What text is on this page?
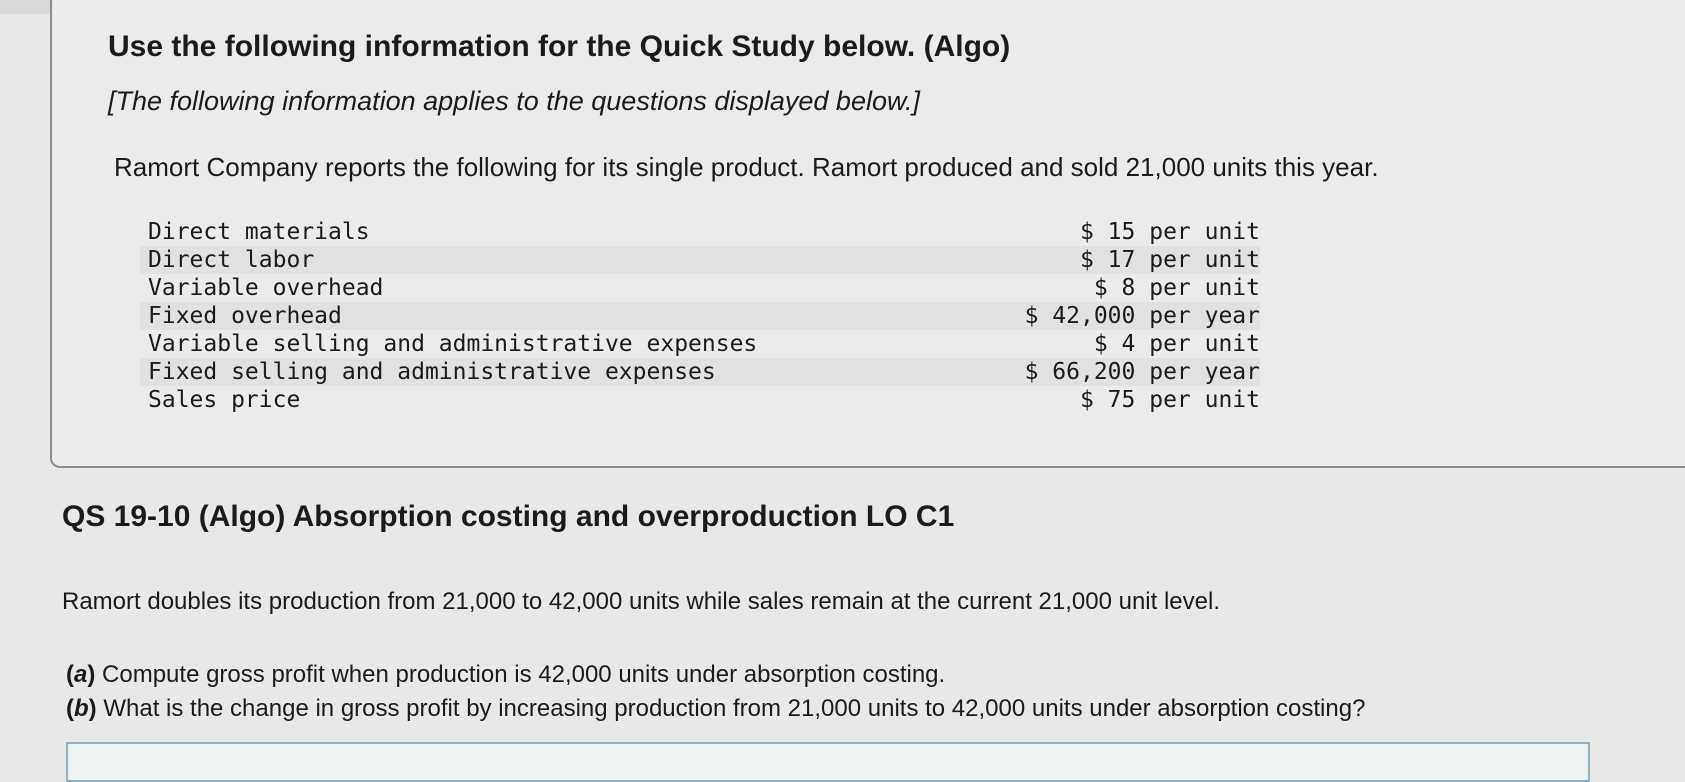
Use the following information for the Quick Study below. (Algo)
[The following information applies to the questions displayed below.]
Ramort Company reports the following for its single product. Ramort produced and sold 21,000 units this year.
Direct materials	$ 15 per unit
Direct labor	$ 17 per unit
Variable overhead	$ 8 per unit
Fixed overhead	$ 42,000 per year
Variable selling and administrative expenses	$ 4 per unit
Fixed selling and administrative expenses	$ 66,200 per year
Sales price	$ 75 per unit
QS 19-10 (Algo) Absorption costing and overproduction LO C1
Ramort doubles its production from 21,000 to 42,000 units while sales remain at the current 21,000 unit level.
(a) Compute gross profit when production is 42,000 units under absorption costing.
(b) What is the change in gross profit by increasing production from 21,000 units to 42,000 units under absorption costing?
